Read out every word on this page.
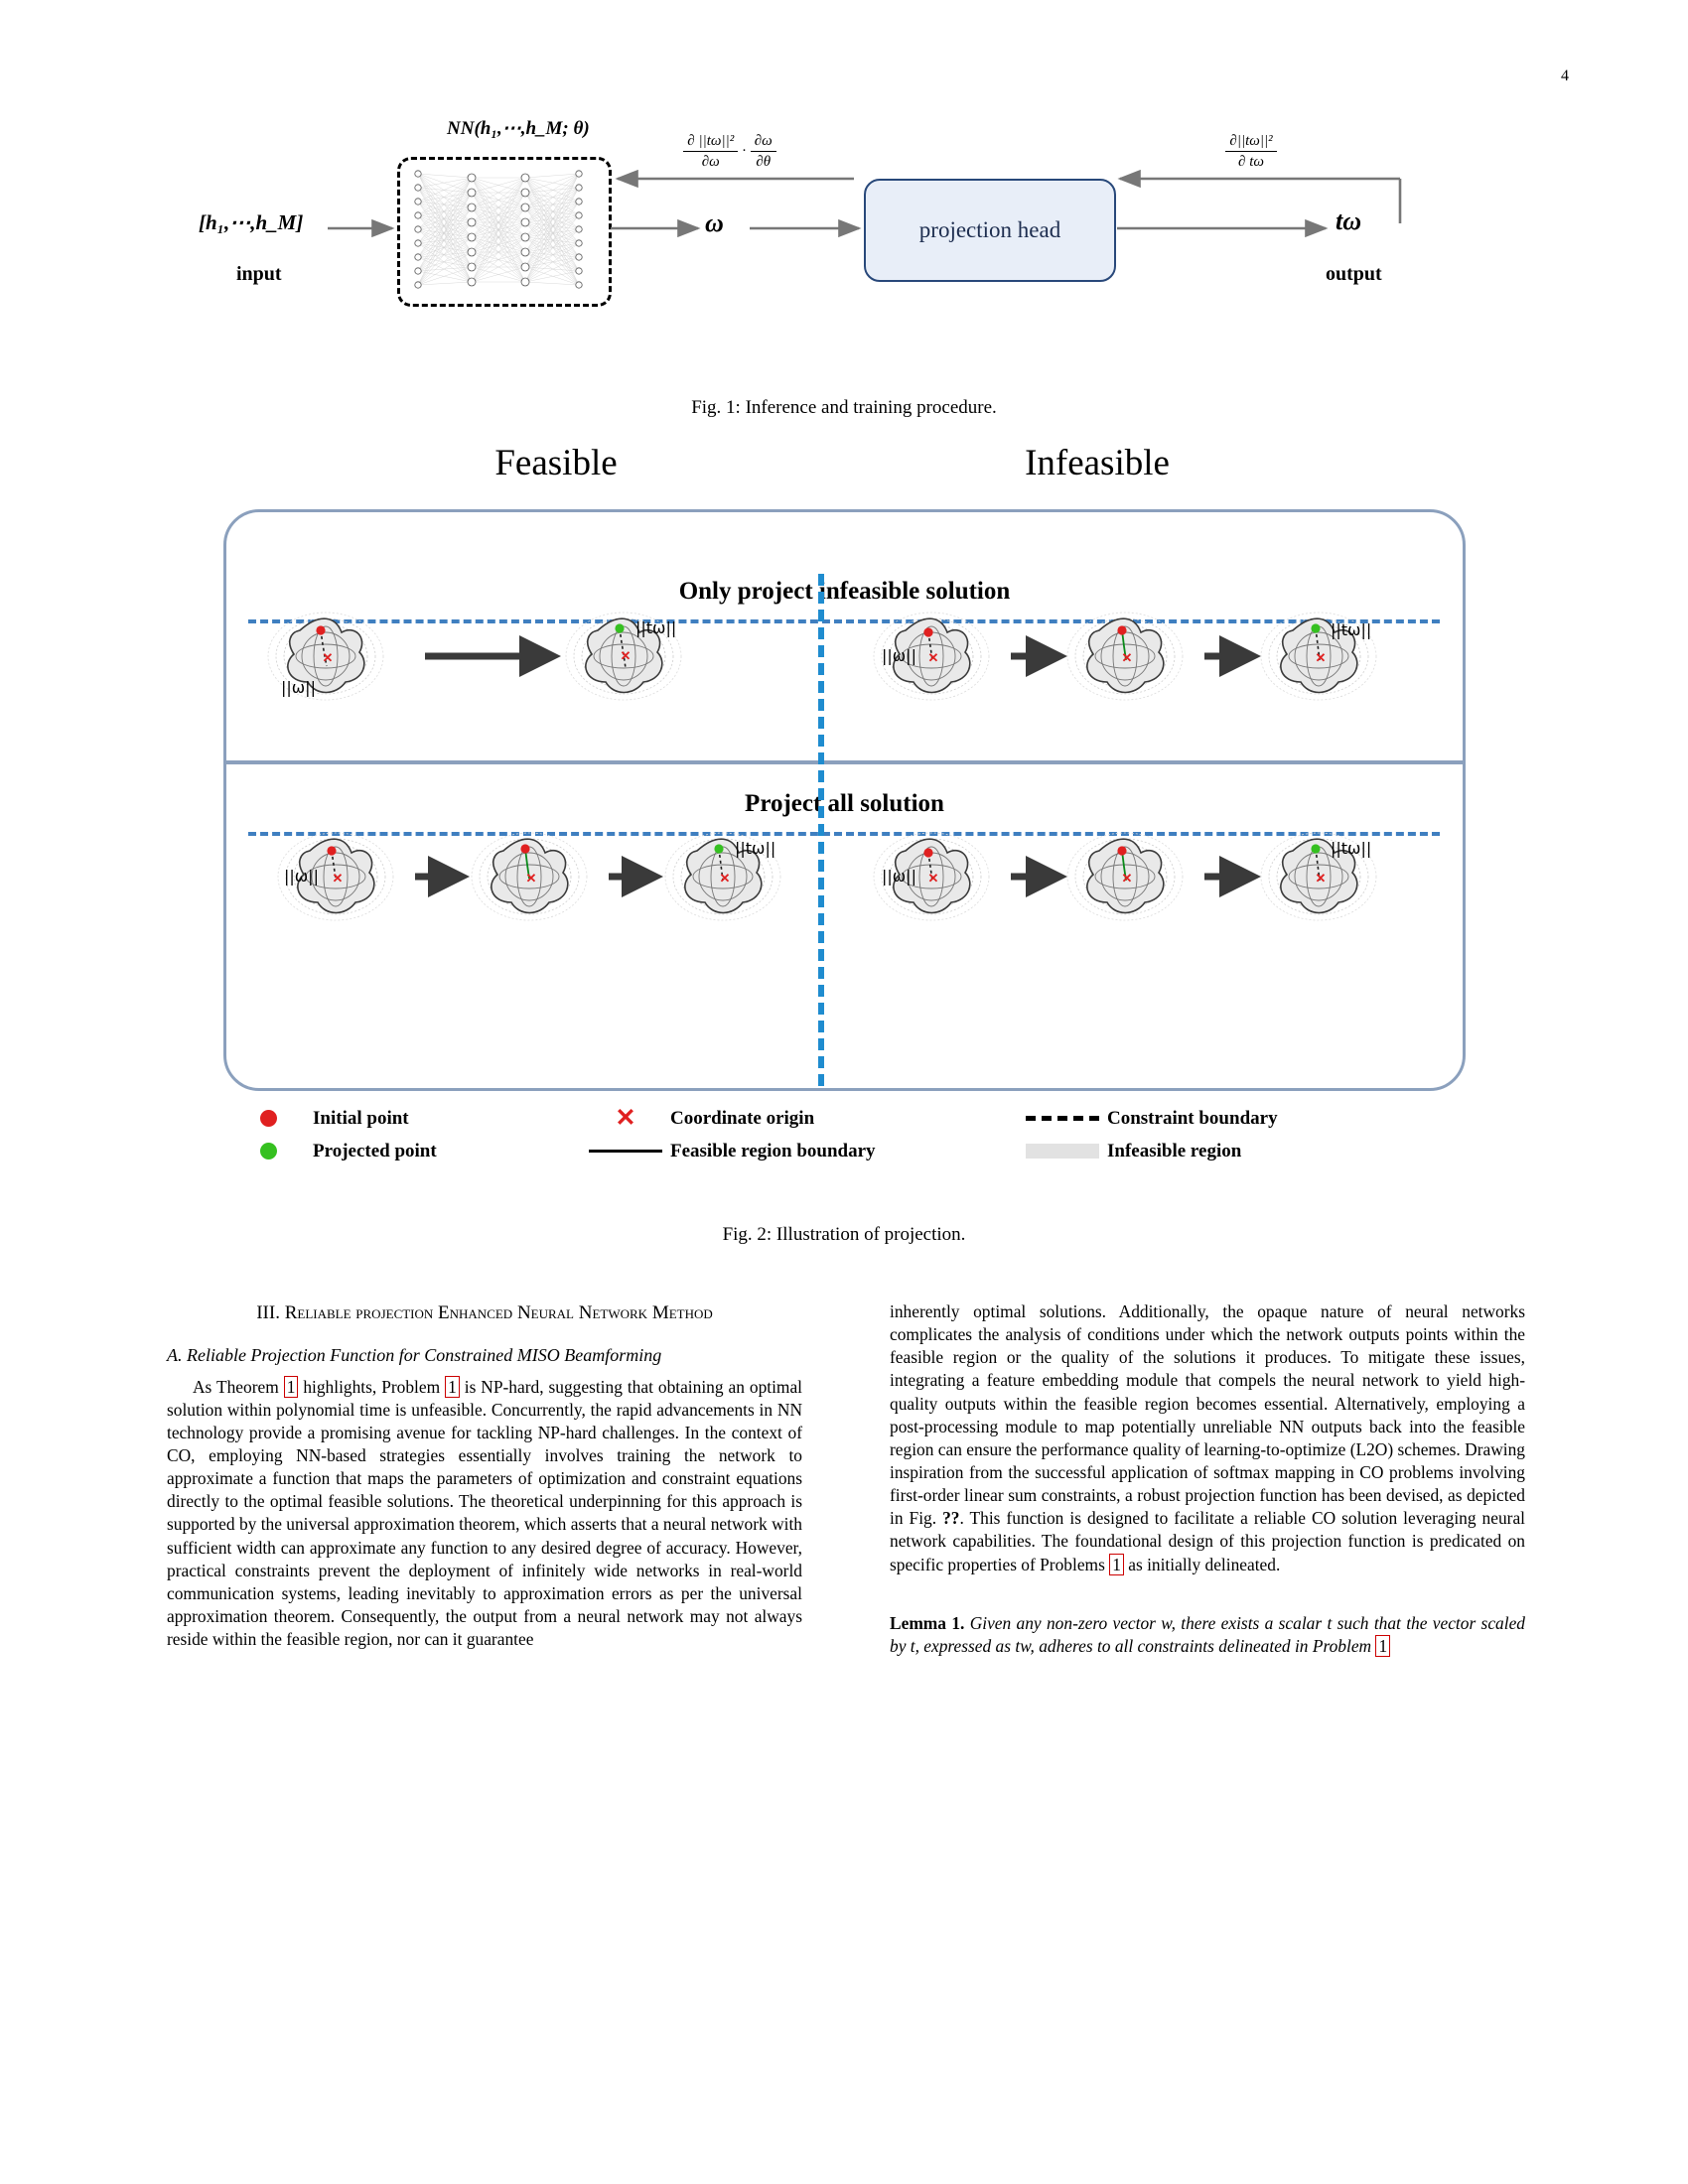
4
NN(h₁,⋯,h_M; θ)
[h₁,⋯,h_M]
input
ω	projection head	tω
output
$\frac{\text{∂ ||tω||²}}{\partial\omega} \cdot \frac{\partial\omega}{\partial\theta}$	$\frac{\text{∂||tω||²}}{\partial t\omega}$
Fig. 1: Inference and training procedure.
Feasible	Infeasible
Only project infeasible solution
Project all solution
✕
||ω||
✕
||tω||
✕
||ω||	✕	✕
||tω||
✕
||ω||	✕	✕
||tω||
✕
||ω||	✕	✕
||tω||
Initial point
Projected point
✕ Coordinate origin
Feasible region boundary
Constraint boundary
Infeasible region
Fig. 2: Illustration of projection.
III. Reliable projection Enhanced Neural Network Method
A. Reliable Projection Function for Constrained MISO Beamforming

As Theorem 1 highlights, Problem 1 is NP-hard, suggesting that obtaining an optimal solution within polynomial time is unfeasible. Concurrently, the rapid advancements in NN technology provide a promising avenue for tackling NP-hard challenges. In the context of CO, employing NN-based strategies essentially involves training the network to approximate a function that maps the parameters of optimization and constraint equations directly to the optimal feasible solutions. The theoretical underpinning for this approach is supported by the universal approximation theorem, which asserts that a neural network with sufficient width can approximate any function to any desired degree of accuracy. However, practical constraints prevent the deployment of infinitely wide networks in real-world communication systems, leading inevitably to approximation errors as per the universal approximation theorem. Consequently, the output from a neural network may not always reside within the feasible region, nor can it guarantee

inherently optimal solutions. Additionally, the opaque nature of neural networks complicates the analysis of conditions under which the network outputs points within the feasible region or the quality of the solutions it produces. To mitigate these issues, integrating a feature embedding module that compels the neural network to yield high-quality outputs within the feasible region becomes essential. Alternatively, employing a post-processing module to map potentially unreliable NN outputs back into the feasible region can ensure the performance quality of learning-to-optimize (L2O) schemes. Drawing inspiration from the successful application of softmax mapping in CO problems involving first-order linear sum constraints, a robust projection function has been devised, as depicted in Fig. ??. This function is designed to facilitate a reliable CO solution leveraging neural network capabilities. The foundational design of this projection function is predicated on specific properties of Problems 1 as initially delineated.

Lemma 1. Given any non-zero vector w, there exists a scalar t such that the vector scaled by t, expressed as tw, adheres to all constraints delineated in Problem 1
